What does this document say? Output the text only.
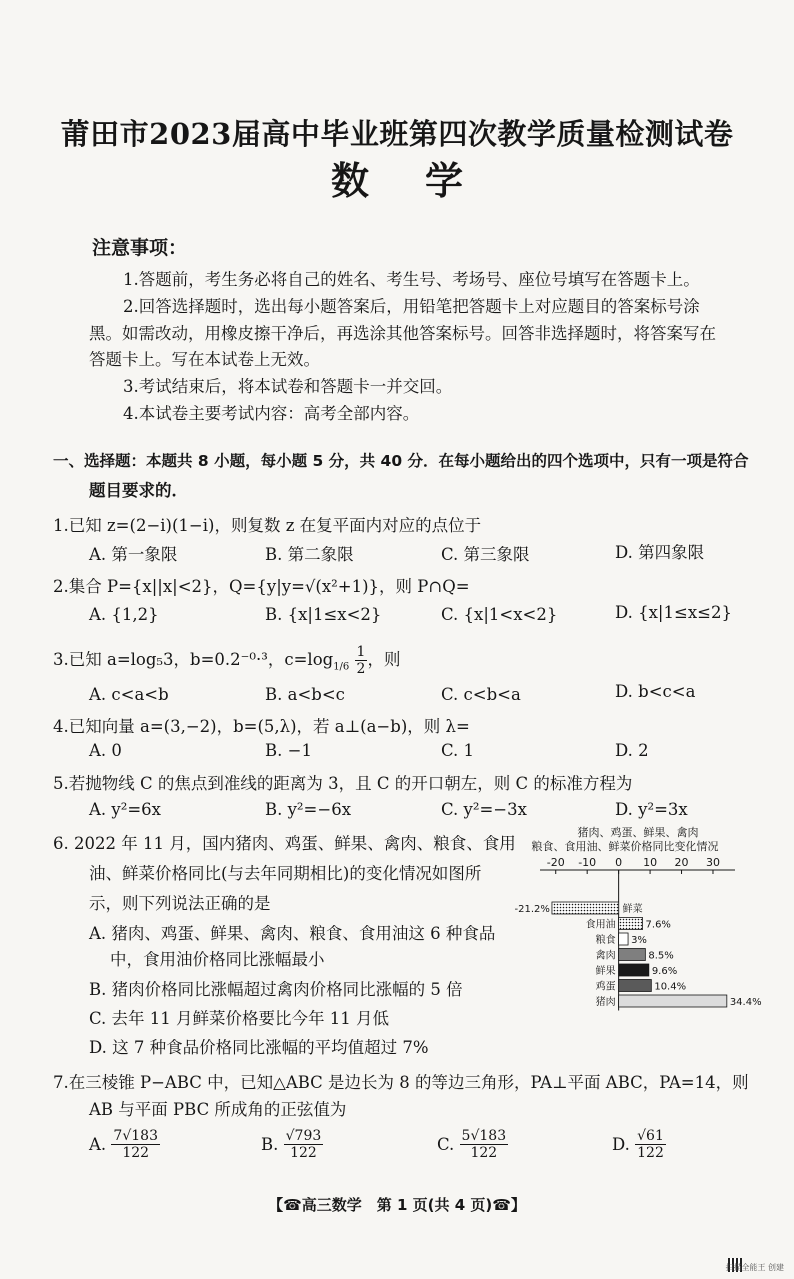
莆田市2023届高中毕业班第四次教学质量检测试卷
数学
注意事项：
1.答题前，考生务必将自己的姓名、考生号、考场号、座位号填写在答题卡上。
2.回答选择题时，选出每小题答案后，用铅笔把答题卡上对应题目的答案标号涂
黑。如需改动，用橡皮擦干净后，再选涂其他答案标号。回答非选择题时，将答案写在
答题卡上。写在本试卷上无效。
3.考试结束后，将本试卷和答题卡一并交回。
4.本试卷主要考试内容：高考全部内容。
一、选择题：本题共 8 小题，每小题 5 分，共 40 分．在每小题给出的四个选项中，只有一项是符合
题目要求的．
1.已知 z=(2−i)(1−i)，则复数 z 在复平面内对应的点位于
A. 第一象限	B. 第二象限	C. 第三象限	D. 第四象限
2.集合 P={x||x|<2}，Q={y|y=√(x²+1)}，则 P∩Q=
A. {1,2}	B. {x|1≤x<2}	C. {x|1<x<2}	D. {x|1≤x≤2}
3.已知 a=log₅3，b=0.2⁻⁰·³，$c=\log_{1/6} \frac{1}{2}$ ，则
A. c<a<b	B. a<b<c	C. c<b<a	D. b<c<a
4.已知向量 a=(3,−2)，b=(5,λ)，若 a⊥(a−b)，则 λ=
A. 0	B. −1	C. 1	D. 2
5.若抛物线 C 的焦点到准线的距离为 3，且 C 的开口朝左，则 C 的标准方程为
A. y²=6x	B. y²=−6x	C. y²=−3x	D. y²=3x
6. 2022 年 11 月，国内猪肉、鸡蛋、鲜果、禽肉、粮食、食用
油、鲜菜价格同比(与去年同期相比)的变化情况如图所
示，则下列说法正确的是
A. 猪肉、鸡蛋、鲜果、禽肉、粮食、食用油这 6 种食品
中，食用油价格同比涨幅最小
B. 猪肉价格同比涨幅超过禽肉价格同比涨幅的 5 倍
C. 去年 11 月鲜菜价格要比今年 11 月低
D. 这 7 种食品价格同比涨幅的平均值超过 7%
猪肉、鸡蛋、鲜果、禽肉
粮食、食用油、鲜菜价格同比变化情况
-20 -10 0 10 20 30
鲜菜
-21.2%
食用油	7.6%
粮食 3%
禽肉	8.5%
鲜果	9.6%
鸡蛋	10.4%
猪肉	34.4%
7.在三棱锥 P−ABC 中，已知△ABC 是边长为 8 的等边三角形，PA⊥平面 ABC，PA=14，则
AB 与平面 PBC 所成角的正弦值为
A. $\frac{7√183}{122}$	B. $\frac{√793}{122}$	C. $\frac{5√183}{122}$	D. $\frac{√61}{122}$
【☎高三数学　第 1 页(共 4 页)☎】
扫描全能王 创建
